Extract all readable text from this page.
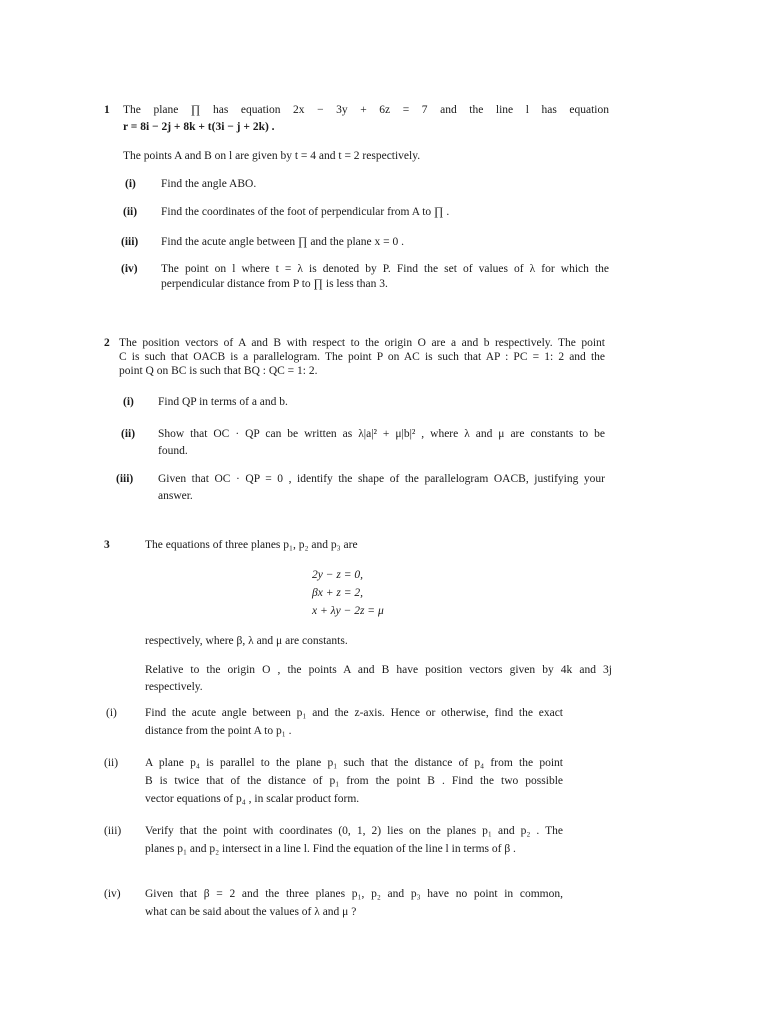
1 The plane ∏ has equation 2x − 3y + 6z = 7 and the line l has equation
r = 8i − 2j + 8k + t(3i − j + 2k) .
The points A and B on l are given by t = 4 and t = 2 respectively.
(i) Find the angle ABO.
(ii) Find the coordinates of the foot of perpendicular from A to ∏ .
(iii) Find the acute angle between ∏ and the plane x = 0 .
(iv) The point on l where t = λ is denoted by P. Find the set of values of λ for which the
perpendicular distance from P to ∏ is less than 3.
2 The position vectors of A and B with respect to the origin O are a and b respectively. The point
C is such that OACB is a parallelogram. The point P on AC is such that AP : PC = 1: 2 and the
point Q on BC is such that BQ : QC = 1: 2.
(i) Find QP in terms of a and b.
(ii) Show that OC · QP can be written as λ|a|² + μ|b|² , where λ and μ are constants to be
found.
(iii) Given that OC · QP = 0 , identify the shape of the parallelogram OACB, justifying your
answer.
3	The equations of three planes p₁, p₂ and p₃ are
2y − z = 0,
βx + z = 2,
x + λy − 2z = μ
respectively, where β, λ and μ are constants.
Relative to the origin O , the points A and B have position vectors given by 4k and 3j
respectively.
(i) Find the acute angle between p₁ and the z-axis. Hence or otherwise, find the exact
distance from the point A to p₁ .
(ii) A plane p₄ is parallel to the plane p₁ such that the distance of p₄ from the point
B is twice that of the distance of p₁ from the point B . Find the two possible
vector equations of p₄ , in scalar product form.
(iii) Verify that the point with coordinates (0, 1, 2) lies on the planes p₁ and p₂ . The
planes p₁ and p₂ intersect in a line l. Find the equation of the line l in terms of β .
(iv) Given that β = 2 and the three planes p₁, p₂ and p₃ have no point in common,
what can be said about the values of λ and μ ?
